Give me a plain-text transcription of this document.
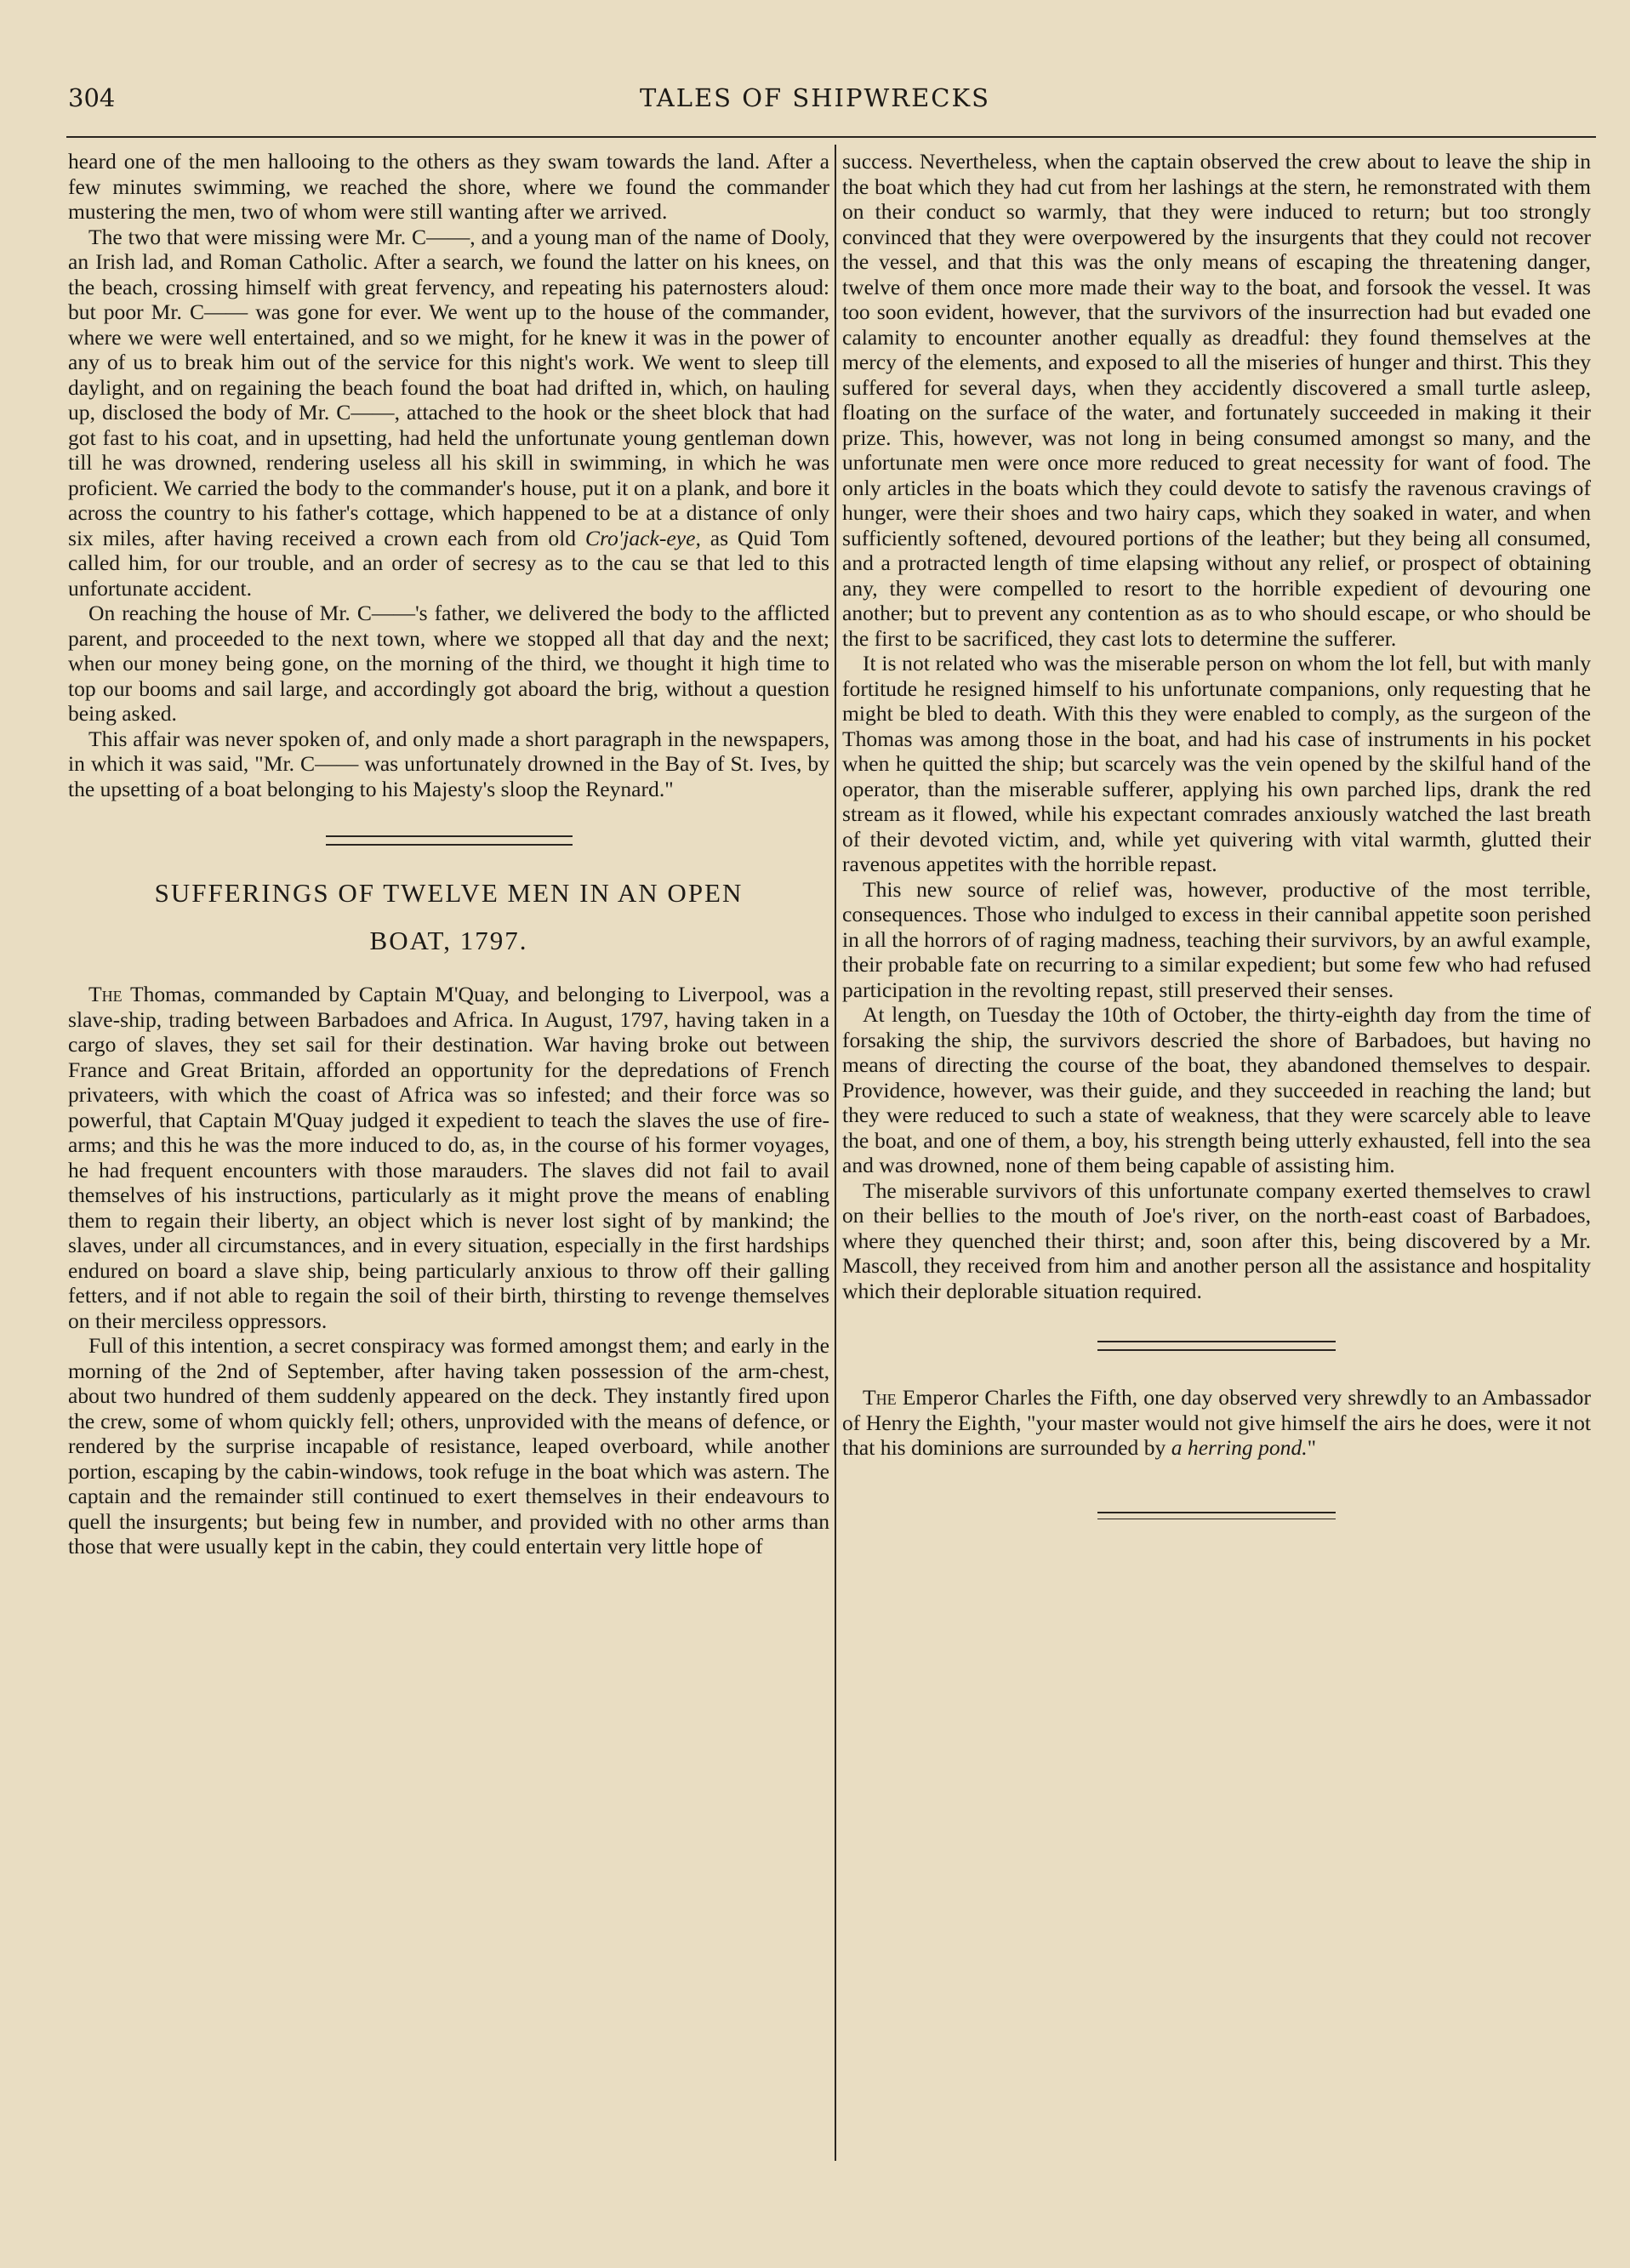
304	TALES OF SHIPWRECKS

heard one of the men hallooing to the others as they swam towards the land. After a few minutes swimming, we reached the shore, where we found the commander mustering the men, two of whom were still wanting after we arrived.

The two that were missing were Mr. C——, and a young man of the name of Dooly, an Irish lad, and Roman Catholic. After a search, we found the latter on his knees, on the beach, crossing himself with great fervency, and repeating his paternosters aloud: but poor Mr. C—— was gone for ever. We went up to the house of the commander, where we were well entertained, and so we might, for he knew it was in the power of any of us to break him out of the service for this night's work. We went to sleep till daylight, and on regaining the beach found the boat had drifted in, which, on hauling up, disclosed the body of Mr. C——, attached to the hook or the sheet block that had got fast to his coat, and in upsetting, had held the unfortunate young gentleman down till he was drowned, rendering useless all his skill in swimming, in which he was proficient. We carried the body to the commander's house, put it on a plank, and bore it across the country to his father's cottage, which happened to be at a distance of only six miles, after having received a crown each from old Cro'jack-eye, as Quid Tom called him, for our trouble, and an order of secresy as to the cau se that led to this unfortunate accident.

On reaching the house of Mr. C——'s father, we delivered the body to the afflicted parent, and proceeded to the next town, where we stopped all that day and the next; when our money being gone, on the morning of the third, we thought it high time to top our booms and sail large, and accordingly got aboard the brig, without a question being asked.

This affair was never spoken of, and only made a short paragraph in the newspapers, in which it was said, "Mr. C—— was unfortunately drowned in the Bay of St. Ives, by the upsetting of a boat belonging to his Majesty's sloop the Reynard."

SUFFERINGS OF TWELVE MEN IN AN OPEN
BOAT, 1797.

The Thomas, commanded by Captain M'Quay, and belonging to Liverpool, was a slave-ship, trading between Barbadoes and Africa. In August, 1797, having taken in a cargo of slaves, they set sail for their destination. War having broke out between France and Great Britain, afforded an opportunity for the depredations of French privateers, with which the coast of Africa was so infested; and their force was so powerful, that Captain M'Quay judged it expedient to teach the slaves the use of fire-arms; and this he was the more induced to do, as, in the course of his former voyages, he had frequent encounters with those marauders. The slaves did not fail to avail themselves of his instructions, particularly as it might prove the means of enabling them to regain their liberty, an object which is never lost sight of by mankind; the slaves, under all circumstances, and in every situation, especially in the first hardships endured on board a slave ship, being particularly anxious to throw off their galling fetters, and if not able to regain the soil of their birth, thirsting to revenge themselves on their merciless oppressors.

Full of this intention, a secret conspiracy was formed amongst them; and early in the morning of the 2nd of September, after having taken possession of the arm-chest, about two hundred of them suddenly appeared on the deck. They instantly fired upon the crew, some of whom quickly fell; others, unprovided with the means of defence, or rendered by the surprise incapable of resistance, leaped overboard, while another portion, escaping by the cabin-windows, took refuge in the boat which was astern. The captain and the remainder still continued to exert themselves in their endeavours to quell the insurgents; but being few in number, and provided with no other arms than those that were usually kept in the cabin, they could entertain very little hope of

success. Nevertheless, when the captain observed the crew about to leave the ship in the boat which they had cut from her lashings at the stern, he remonstrated with them on their conduct so warmly, that they were induced to return; but too strongly convinced that they were overpowered by the insurgents that they could not recover the vessel, and that this was the only means of escaping the threatening danger, twelve of them once more made their way to the boat, and forsook the vessel. It was too soon evident, however, that the survivors of the insurrection had but evaded one calamity to encounter another equally as dreadful: they found themselves at the mercy of the elements, and exposed to all the miseries of hunger and thirst. This they suffered for several days, when they accidently discovered a small turtle asleep, floating on the surface of the water, and fortunately succeeded in making it their prize. This, however, was not long in being consumed amongst so many, and the unfortunate men were once more reduced to great necessity for want of food. The only articles in the boats which they could devote to satisfy the ravenous cravings of hunger, were their shoes and two hairy caps, which they soaked in water, and when sufficiently softened, devoured portions of the leather; but they being all consumed, and a protracted length of time elapsing without any relief, or prospect of obtaining any, they were compelled to resort to the horrible expedient of devouring one another; but to prevent any contention as as to who should escape, or who should be the first to be sacrificed, they cast lots to determine the sufferer.

It is not related who was the miserable person on whom the lot fell, but with manly fortitude he resigned himself to his unfortunate companions, only requesting that he might be bled to death. With this they were enabled to comply, as the surgeon of the Thomas was among those in the boat, and had his case of instruments in his pocket when he quitted the ship; but scarcely was the vein opened by the skilful hand of the operator, than the miserable sufferer, applying his own parched lips, drank the red stream as it flowed, while his expectant comrades anxiously watched the last breath of their devoted victim, and, while yet quivering with vital warmth, glutted their ravenous appetites with the horrible repast.

This new source of relief was, however, productive of the most terrible, consequences. Those who indulged to excess in their cannibal appetite soon perished in all the horrors of of raging madness, teaching their survivors, by an awful example, their probable fate on recurring to a similar expedient; but some few who had refused participation in the revolting repast, still preserved their senses.

At length, on Tuesday the 10th of October, the thirty-eighth day from the time of forsaking the ship, the survivors descried the shore of Barbadoes, but having no means of directing the course of the boat, they abandoned themselves to despair. Providence, however, was their guide, and they succeeded in reaching the land; but they were reduced to such a state of weakness, that they were scarcely able to leave the boat, and one of them, a boy, his strength being utterly exhausted, fell into the sea and was drowned, none of them being capable of assisting him.

The miserable survivors of this unfortunate company exerted themselves to crawl on their bellies to the mouth of Joe's river, on the north-east coast of Barbadoes, where they quenched their thirst; and, soon after this, being discovered by a Mr. Mascoll, they received from him and another person all the assistance and hospitality which their deplorable situation required.

The Emperor Charles the Fifth, one day observed very shrewdly to an Ambassador of Henry the Eighth, "your master would not give himself the airs he does, were it not that his dominions are surrounded by a herring pond."
